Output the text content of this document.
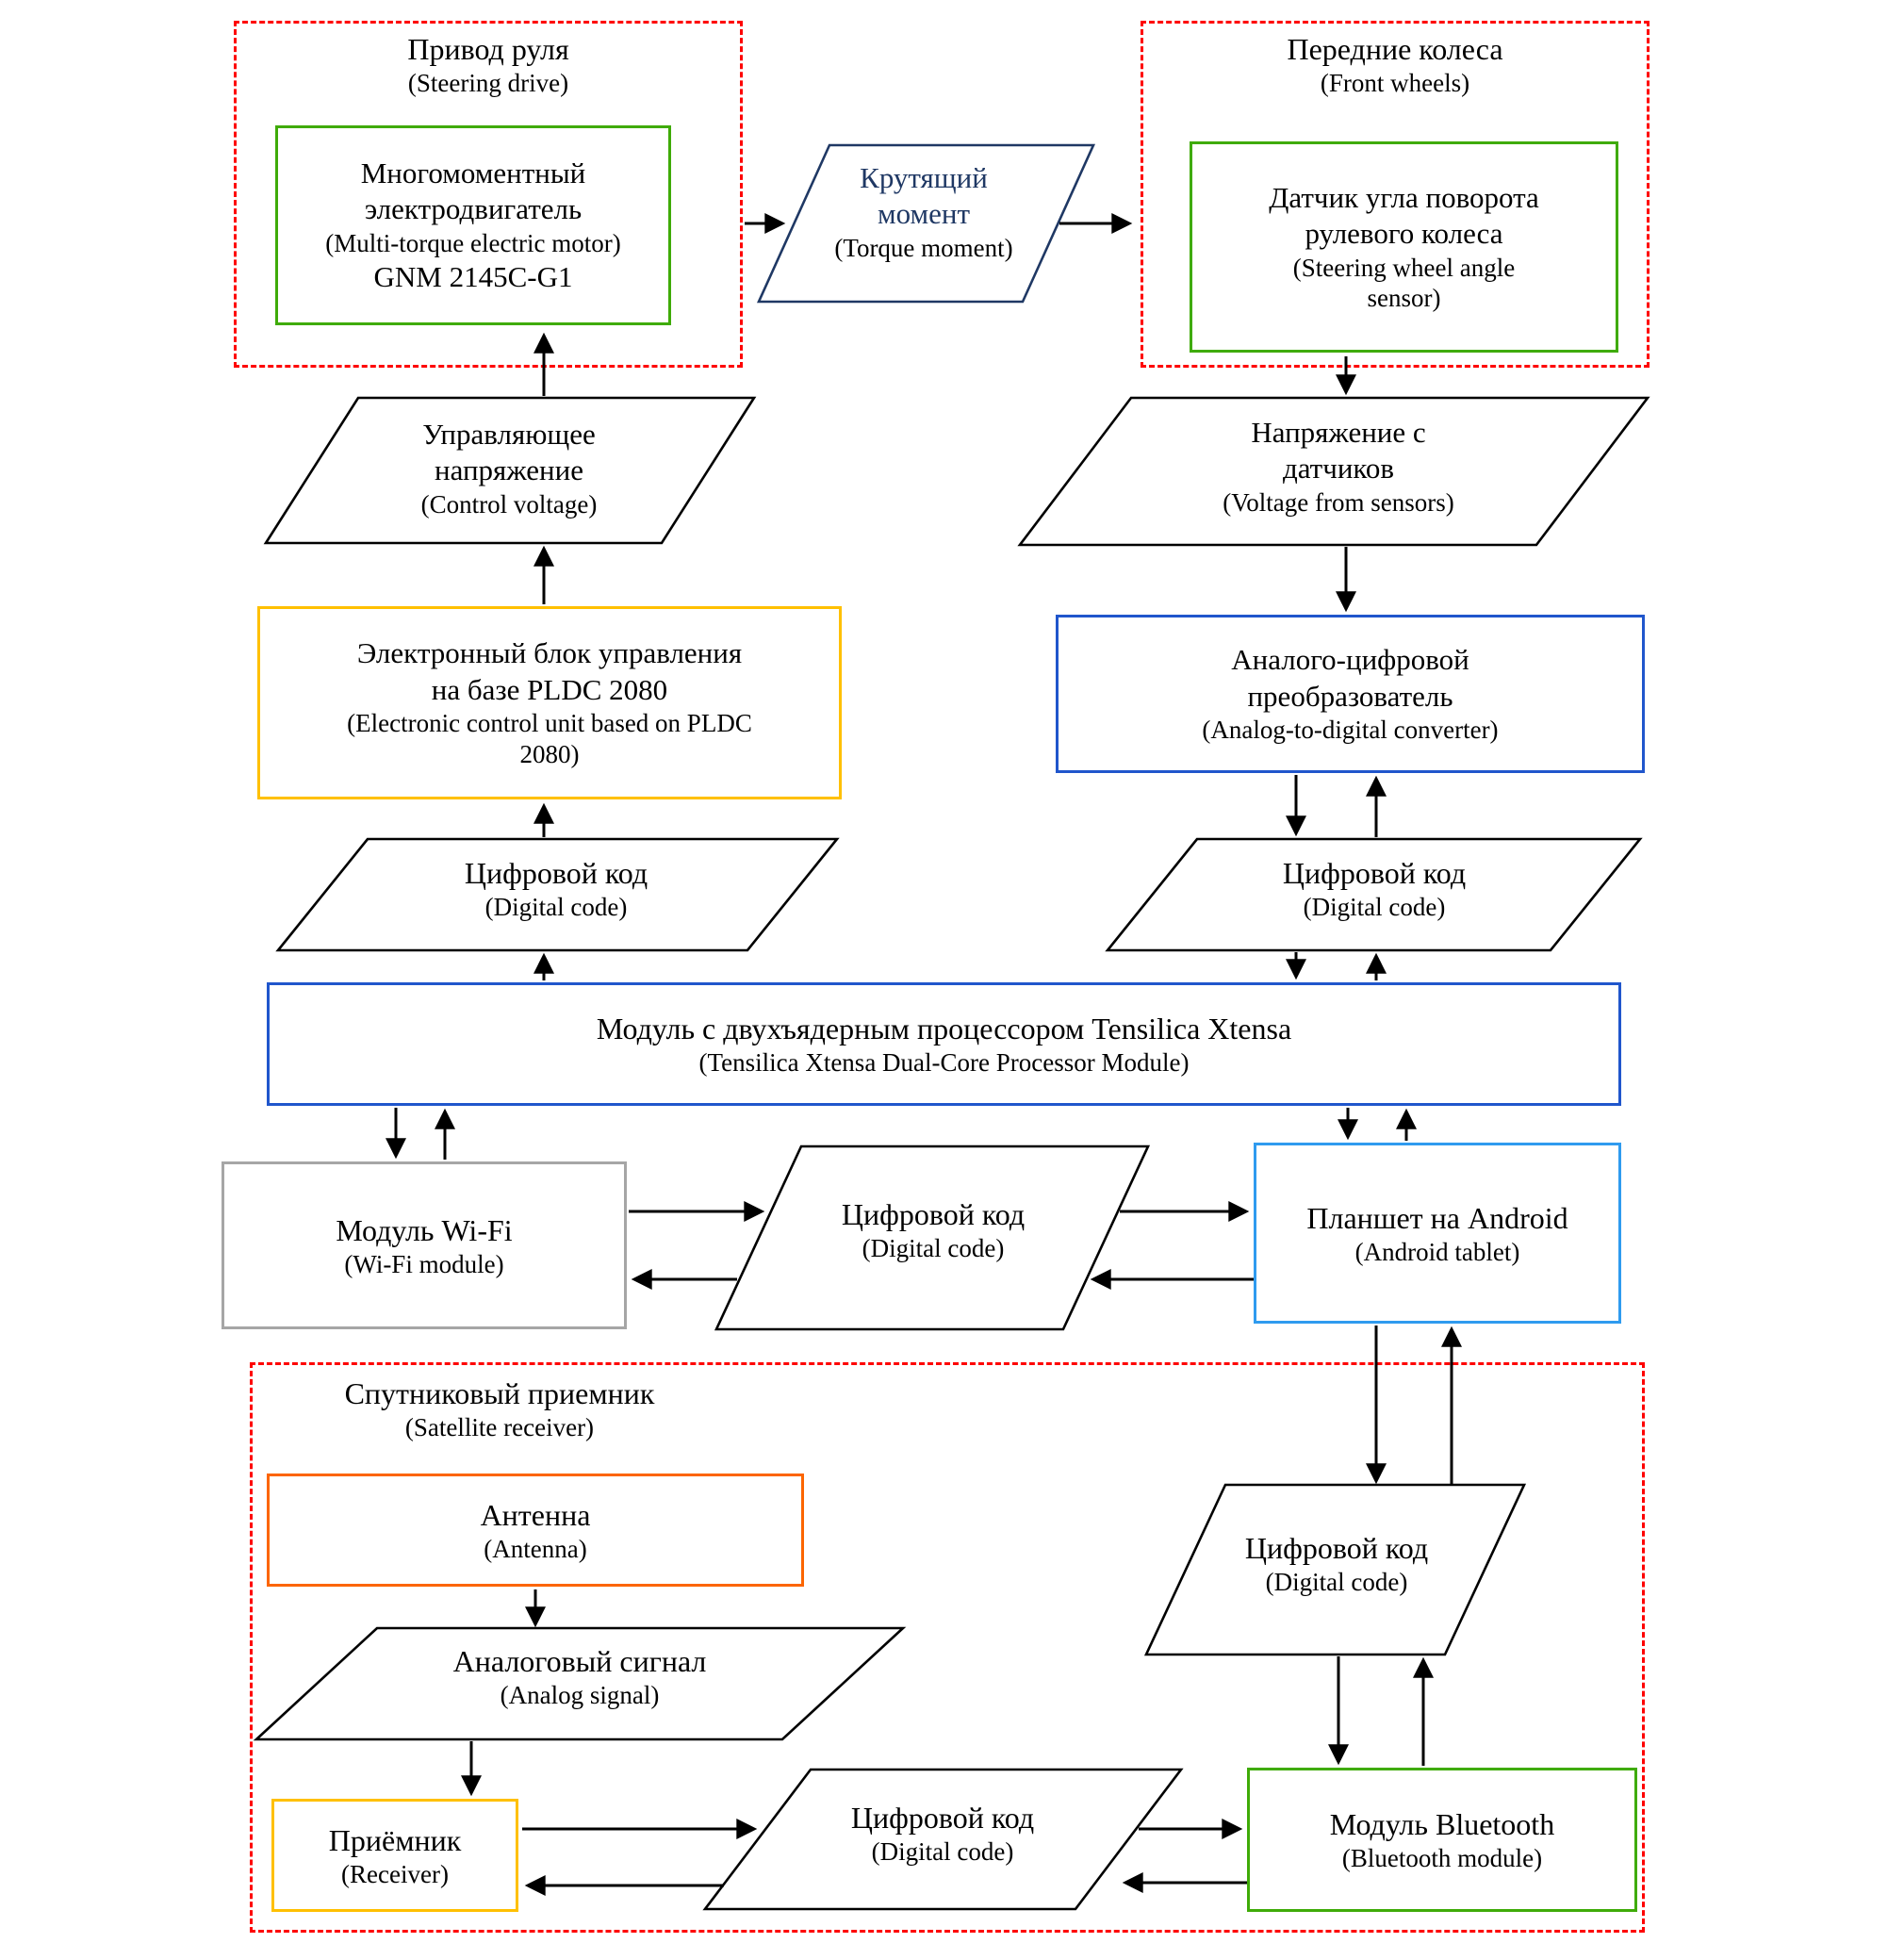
Привод руля
(Steering drive)
Передние колеса
(Front wheels)
Спутниковый приемник
(Satellite receiver)
Многомоментный
электродвигатель
(Multi-torque electric motor)
GNM 2145C-G1
Датчик угла поворота
рулевого колеса
(Steering wheel angle
sensor)
Электронный блок управления
на базе PLDC 2080
(Electronic control unit based on PLDC
2080)
Аналого-цифровой
преобразователь
(Analog-to-digital converter)
Модуль с двухъядерным процессором Tensilica Xtensa
(Tensilica Xtensa Dual-Core Processor Module)
Модуль Wi-Fi
(Wi-Fi module)
Планшет на Android
(Android tablet)
Антенна
(Antenna)
Приёмник
(Receiver)
Модуль Bluetooth
(Bluetooth module)
Крутящий
момент
(Torque moment)
Управляющее
напряжение
(Control voltage)
Напряжение с
датчиков
(Voltage from sensors)
Цифровой код
(Digital code)
Цифровой код
(Digital code)
Цифровой код
(Digital code)
Цифровой код
(Digital code)
Аналоговый сигнал
(Analog signal)
Цифровой код
(Digital code)
